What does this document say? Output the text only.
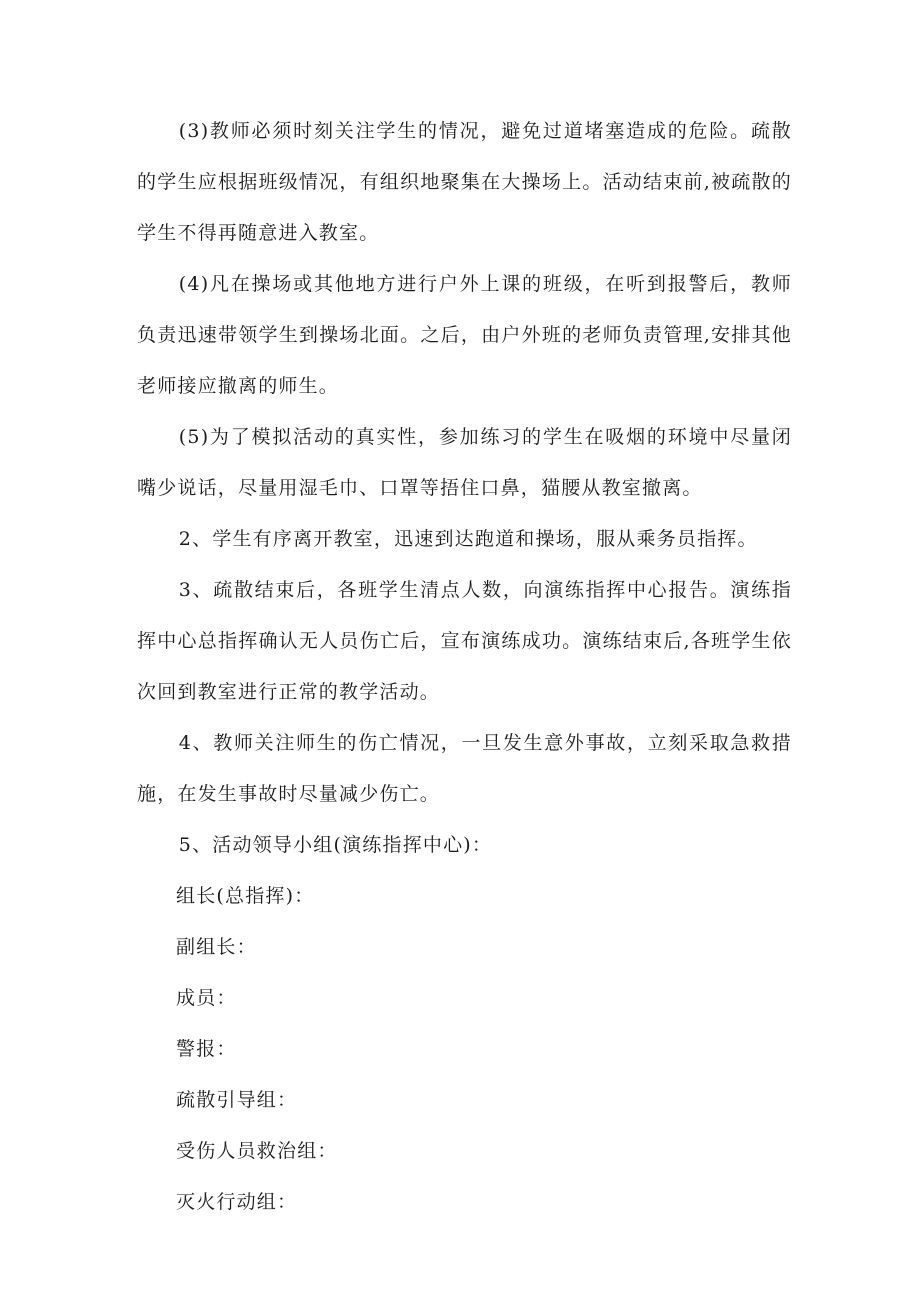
(3)教师必须时刻关注学生的情况，避免过道堵塞造成的危险。疏散的学生应根据班级情况，有组织地聚集在大操场上。活动结束前,被疏散的学生不得再随意进入教室。

(4)凡在操场或其他地方进行户外上课的班级，在听到报警后，教师负责迅速带领学生到操场北面。之后，由户外班的老师负责管理,安排其他老师接应撤离的师生。

(5)为了模拟活动的真实性，参加练习的学生在吸烟的环境中尽量闭嘴少说话，尽量用湿毛巾、口罩等捂住口鼻，猫腰从教室撤离。

2、学生有序离开教室，迅速到达跑道和操场，服从乘务员指挥。

3、疏散结束后，各班学生清点人数，向演练指挥中心报告。演练指挥中心总指挥确认无人员伤亡后，宣布演练成功。演练结束后,各班学生依次回到教室进行正常的教学活动。

4、教师关注师生的伤亡情况，一旦发生意外事故，立刻采取急救措施，在发生事故时尽量减少伤亡。

5、活动领导小组(演练指挥中心)：

组长(总指挥)：

副组长：

成员：

警报：

疏散引导组：

受伤人员救治组：

灭火行动组：
